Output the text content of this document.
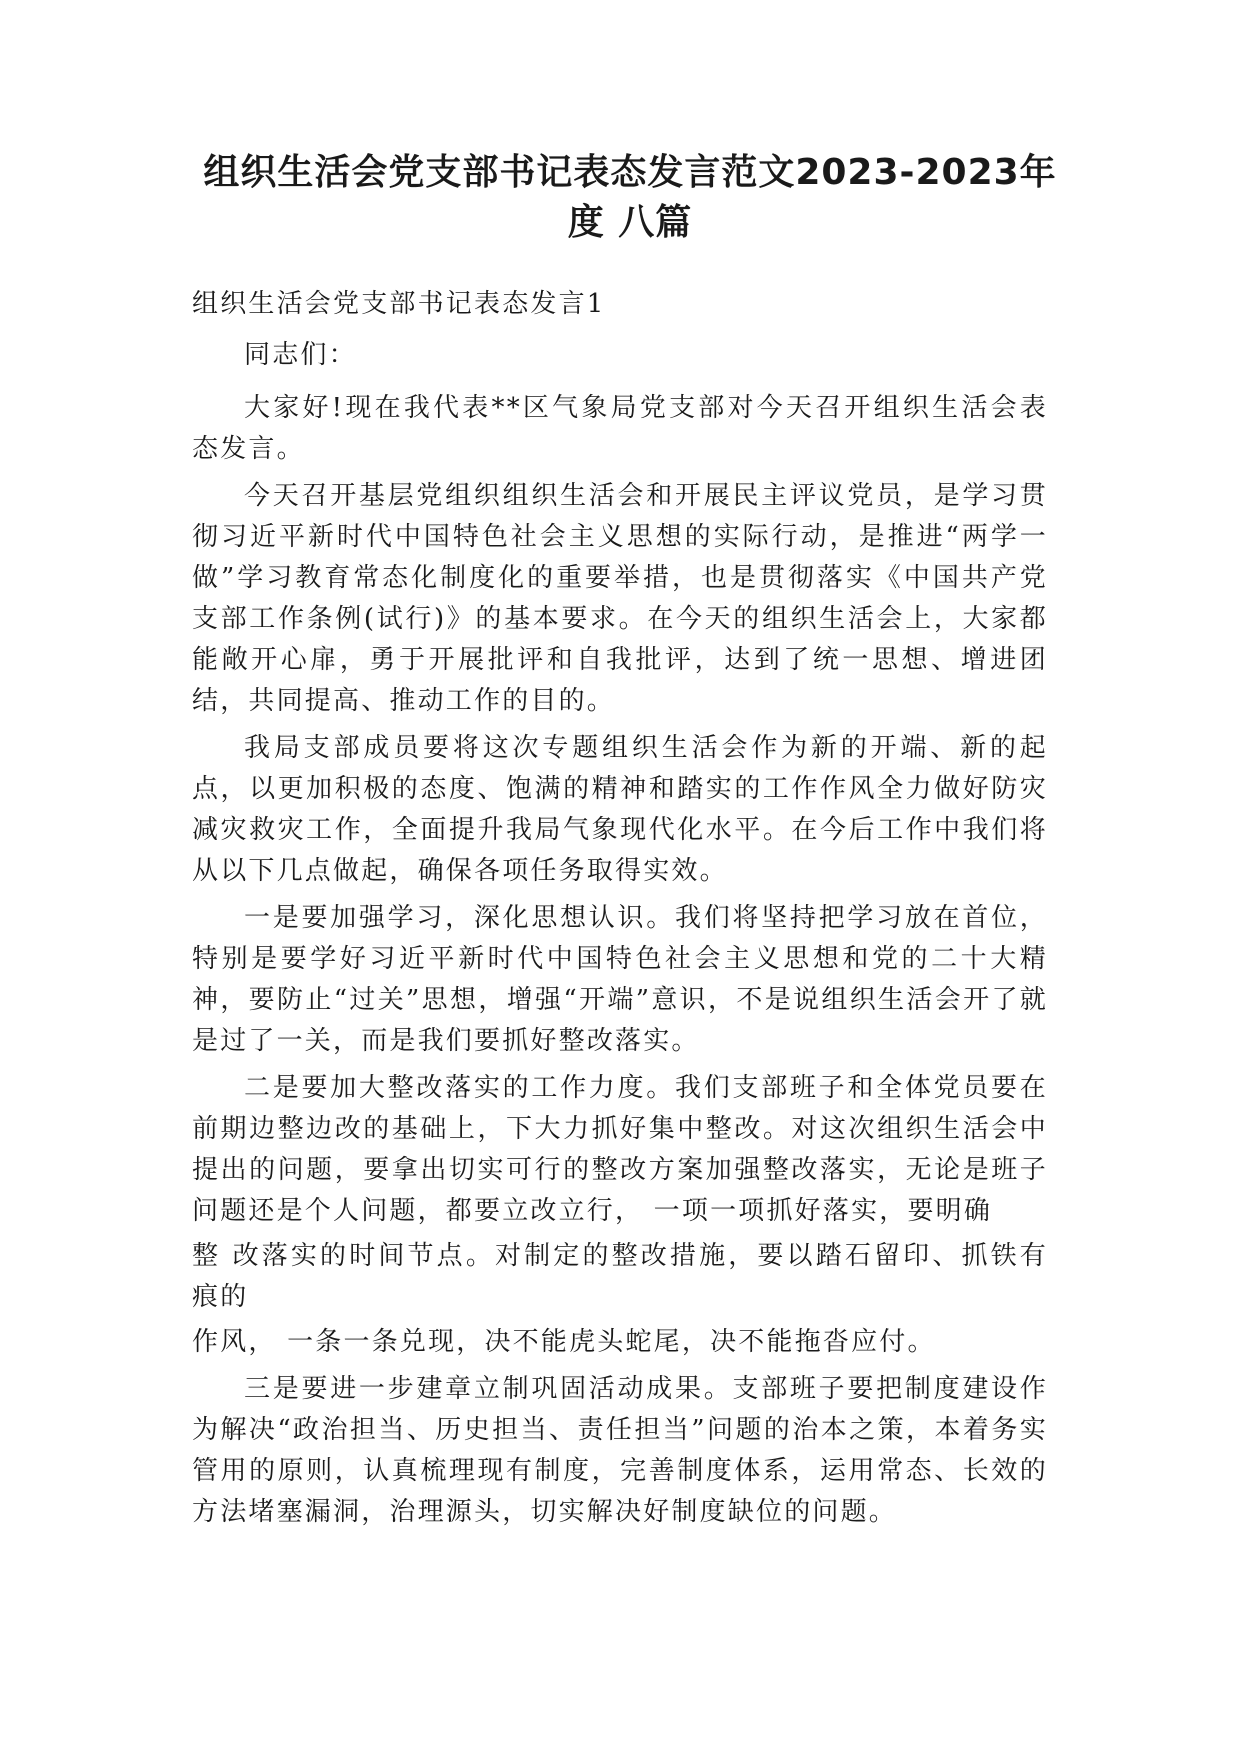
组织生活会党支部书记表态发言范文2023-2023年
度 八篇

组织生活会党支部书记表态发言1

同志们：

大家好!现在我代表**区气象局党支部对今天召开组织生活会表态发言。

今天召开基层党组织组织生活会和开展民主评议党员，是学习贯彻习近平新时代中国特色社会主义思想的实际行动，是推进“两学一做”学习教育常态化制度化的重要举措，也是贯彻落实《中国共产党支部工作条例(试行)》的基本要求。在今天的组织生活会上，大家都能敞开心扉，勇于开展批评和自我批评，达到了统一思想、增进团结，共同提高、推动工作的目的。

我局支部成员要将这次专题组织生活会作为新的开端、新的起点，以更加积极的态度、饱满的精神和踏实的工作作风全力做好防灾减灾救灾工作，全面提升我局气象现代化水平。在今后工作中我们将从以下几点做起，确保各项任务取得实效。

一是要加强学习，深化思想认识。我们将坚持把学习放在首位，特别是要学好习近平新时代中国特色社会主义思想和党的二十大精神，要防止“过关”思想，增强“开端”意识，不是说组织生活会开了就是过了一关，而是我们要抓好整改落实。

二是要加大整改落实的工作力度。我们支部班子和全体党员要在前期边整边改的基础上，下大力抓好集中整改。对这次组织生活会中提出的问题，要拿出切实可行的整改方案加强整改落实，无论是班子问题还是个人问题，都要立改立行， 一项一项抓好落实，要明确

整 改落实的时间节点。对制定的整改措施，要以踏石留印、抓铁有痕的

作风， 一条一条兑现，决不能虎头蛇尾，决不能拖沓应付。

三是要进一步建章立制巩固活动成果。支部班子要把制度建设作为解决“政治担当、历史担当、责任担当”问题的治本之策，本着务实管用的原则，认真梳理现有制度，完善制度体系，运用常态、长效的方法堵塞漏洞，治理源头，切实解决好制度缺位的问题。
